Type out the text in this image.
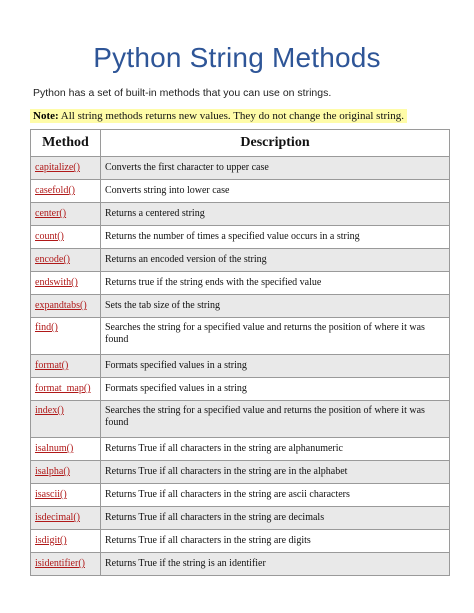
Python String Methods
Python has a set of built-in methods that you can use on strings.
Note: All string methods returns new values. They do not change the original string.
Method	Description
capitalize()	Converts the first character to upper case
casefold()	Converts string into lower case
center()	Returns a centered string
count()	Returns the number of times a specified value occurs in a string
encode()	Returns an encoded version of the string
endswith()	Returns true if the string ends with the specified value
expandtabs()	Sets the tab size of the string
find()	Searches the string for a specified value and returns the position of where it was found
format()	Formats specified values in a string
format_map()	Formats specified values in a string
index()	Searches the string for a specified value and returns the position of where it was found
isalnum()	Returns True if all characters in the string are alphanumeric
isalpha()	Returns True if all characters in the string are in the alphabet
isascii()	Returns True if all characters in the string are ascii characters
isdecimal()	Returns True if all characters in the string are decimals
isdigit()	Returns True if all characters in the string are digits
isidentifier()	Returns True if the string is an identifier
